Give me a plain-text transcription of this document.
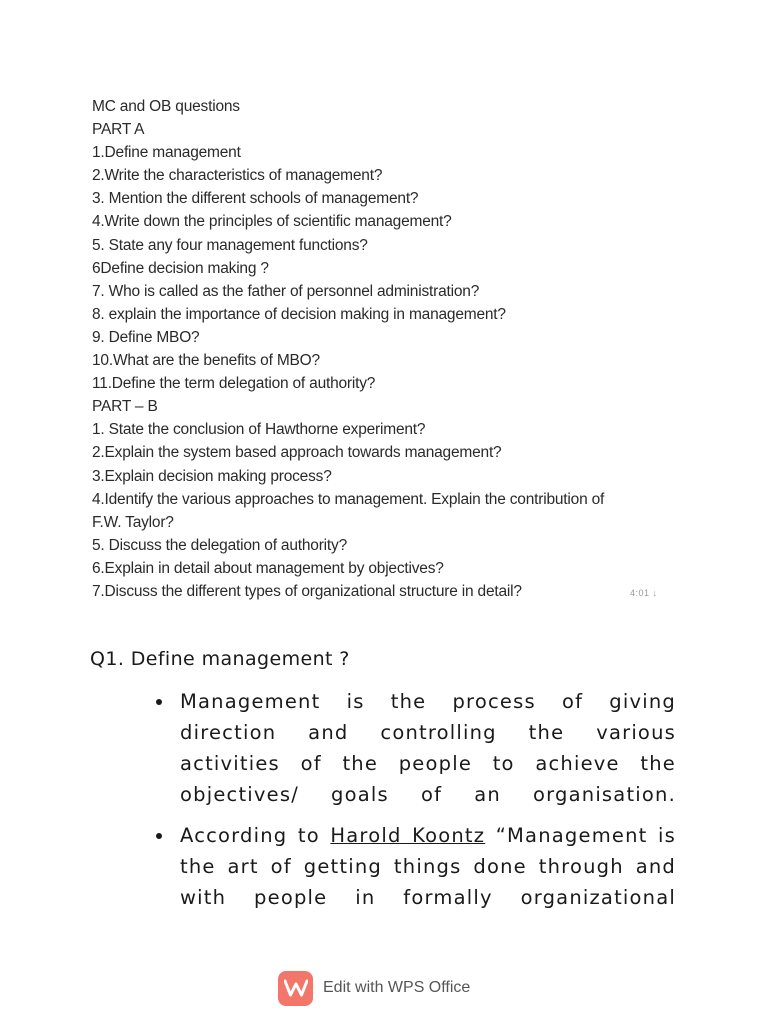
MC and OB questions
PART A
1.Define management
2.Write the characteristics of management?
3. Mention the different schools of management?
4.Write down the principles of scientific management?
5. State any four management functions?
6Define decision making ?
7. Who is called as the father of personnel administration?
8. explain the importance of decision making in management?
9. Define MBO?
10.What are the benefits of MBO?
11.Define the term delegation of authority?
PART – B
1. State the conclusion of Hawthorne experiment?
2.Explain the system based approach towards management?
3.Explain decision making process?
4.Identify the various approaches to management. Explain the contribution of
F.W. Taylor?
5. Discuss the delegation of authority?
6.Explain in detail about management by objectives?
7.Discuss the different types of organizational structure in detail?	4:01 ↓
Q1. Define management ?
Management is the process of giving direction and controlling the various activities of the people to achieve the objectives/ goals of an organisation.
According to Harold Koontz “Management is the art of getting things done through and with people in formally organizational
Edit with WPS Office
